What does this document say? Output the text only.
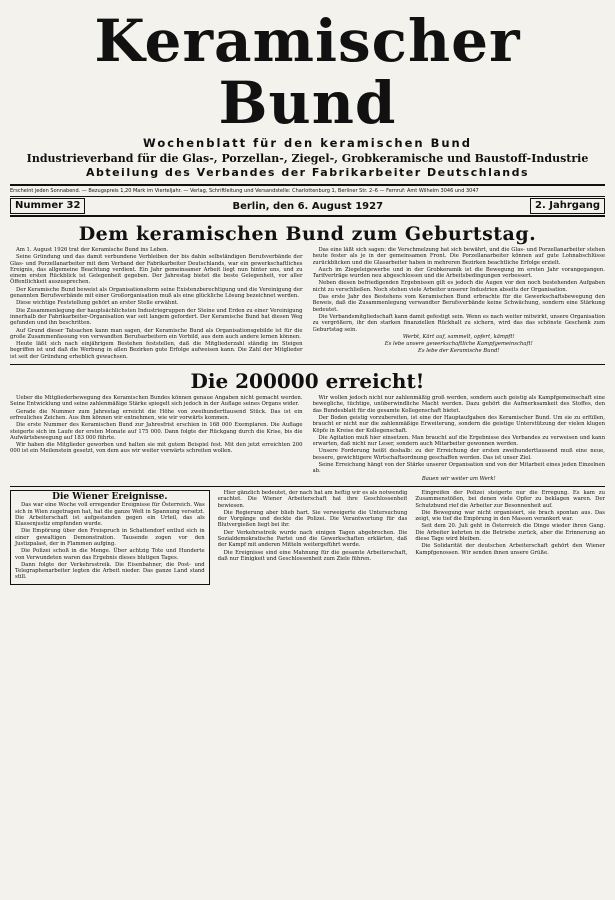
Keramischer Bund
Wochenblatt für den keramischen Bund
Industrieverband für die Glas-, Porzellan-, Ziegel-, Grobkeramische und Baustoff-Industrie
Abteilung des Verbandes der Fabrikarbeiter Deutschlands
Erscheint jeden Sonnabend. — Bezugspreis 1,20 Mark im Vierteljahr. — Verlag, Schriftleitung und Versandstelle: Charlottenburg 1, Berliner Str. 2–6 — Fernruf: Amt Wilhelm 3046 und 3047
Nummer 32	Berlin, den 6. August 1927	2. Jahrgang
Dem keramischen Bund zum Geburtstag.

Am 1. August 1926 trat der Keramische Bund ins Leben.

Seine Gründung und das damit verbundene Verbleiben der bis dahin selbständigen Berufsverbände der Glas- und Porzellanarbeiter mit dem Verband der Fabrikarbeiter Deutschlands, war ein gewerkschaftliches Ereignis, das allgemeine Beachtung verdient. Ein Jahr gemeinsamer Arbeit liegt nun hinter uns, und zu einem ersten Rückblick ist Gelegenheit gegeben. Der Jahrestag bietet die beste Gelegenheit, vor aller Öffentlichkeit auszusprechen.

Der Keramische Bund beweist als Organisationsform seine Existenzberechtigung und die Vereinigung der genannten Berufsverbände mit einer Großorganisation muß als eine glückliche Lösung bezeichnet werden.

Diese wichtige Feststellung gehört an erster Stelle erwähnt.

Die Zusammenlegung der hauptsächlichsten Industriegruppen der Steine und Erden zu einer Vereinigung innerhalb der Fabrikarbeiter-Organisation war seit langem gefordert. Der Keramische Bund hat diesen Weg gefunden und ihn beschritten.

Auf Grund dieser Tatsachen kann man sagen, der Keramische Bund als Organisationsgebilde ist für die große Zusammenfassung von verwandten Berufsarbeitern ein Vorbild, aus dem auch andere lernen können.

Heute läßt sich nach einjährigem Bestehen feststellen, daß die Mitgliederzahl ständig im Steigen begriffen ist und daß die Werbung in allen Bezirken gute Erfolge aufweisen kann. Die Zahl der Mitglieder ist seit der Gründung erheblich gewachsen.

Das eine läßt sich sagen: die Verschmelzung hat sich bewährt, und die Glas- und Porzellanarbeiter stehen heute fester als je in der gemeinsamen Front. Die Porzellanarbeiter können auf gute Lohnabschlüsse zurückblicken und die Glasarbeiter haben in mehreren Bezirken beachtliche Erfolge erzielt.

Auch im Ziegeleigewerbe und in der Grobkeramik ist die Bewegung im ersten Jahr vorangegangen. Tarifverträge wurden neu abgeschlossen und die Arbeitsbedingungen verbessert.

Neben diesen befriedigenden Ergebnissen gilt es jedoch die Augen vor den noch bestehenden Aufgaben nicht zu verschließen. Noch stehen viele Arbeiter unserer Industrien abseits der Organisation.

Das erste Jahr des Bestehens vom Keramischen Bund erbrachte für die Gewerkschaftsbewegung den Beweis, daß die Zusammenlegung verwandter Berufsverbände keine Schwächung, sondern eine Stärkung bedeutet.

Die Verbandsmitgliedschaft kann damit gefestigt sein. Wenn es nach weiter mitwirkt, unsere Organisation zu vergrößern, ihr den starken finanziellen Rückhalt zu sichern, wird das das schönste Geschenk zum Geburtstag sein.

Werbt, Kärt auf, sammelt, opfert, kämpft!

Es lebe unsere gewerkschaftliche Kampfgemeinschaft!

Es lebe der Keramische Bund!

Die 200000 erreicht!

Ueber die Mitgliederbewegung des Keramischen Bundes können genaue Angaben nicht gemacht werden. Seine Entwicklung und seine zahlenmäßige Stärke spiegelt sich jedoch in der Auflage seines Organs wider.

Gerade die Nummer zum Jahrestag erreicht die Höhe von zweihunderttausend Stück. Das ist ein erfreuliches Zeichen. Aus ihm können wir entnehmen, wie wir vorwärts kommen.

Die erste Nummer des Keramischen Bund zur Jahresfrist erschien in 168 000 Exemplaren. Die Auflage steigerte sich im Laufe der ersten Monate auf 175 000. Dann folgte der Rückgang durch die Krise, bis die Aufwärtsbewegung auf 183 000 führte.

Wir haben die Mitglieder geworben und halten sie mit gutem Beispiel fest. Mit den jetzt erreichten 200 000 ist ein Meilenstein gesetzt, von dem aus wir weiter vorwärts schreiten wollen.

Wir wollen jedoch nicht nur zahlenmäßig groß werden, sondern auch geistig als Kampfgemeinschaft eine bewegliche, tüchtige, unüberwindliche Macht werden. Dazu gehört die Aufmerksamkeit des Stoffes, den das Bundesblatt für die gesamte Kollegenschaft bietet.

Der Boden geistig vorzubereiten, ist eine der Hauptaufgaben des Keramischer Bund. Um sie zu erfüllen, braucht er nicht nur die zahlenmäßige Erweiterung, sondern die geistige Unterstützung der vielen klugen Köpfe in Kreise der Kollegenschaft.

Die Agitation muß hier einsetzen. Man braucht auf die Ergebnisse des Verbandes zu verweisen und kann erwarten, daß nicht nur Leser, sondern auch Mitarbeiter gewonnen werden.

Unsere Forderung heißt deshalb: zu der Erreichung der ersten zweihunderttausend muß eine neue, bessere, gewichtigere Wirtschaftsordnung geschaffen werden. Das ist unser Ziel.

Seine Erreichung hängt von der Stärke unserer Organisation und von der Mitarbeit eines jeden Einzelnen ab.

Bauen wir weiter am Werk!

Die Wiener Ereignisse.

Das war eine Woche voll erregender Ereignisse für Österreich. Was sich in Wien zugetragen hat, hat die ganze Welt in Spannung versetzt. Die Arbeiterschaft ist aufgestanden gegen ein Urteil, das als Klassenjustiz empfunden wurde.

Die Empörung über den Freispruch in Schattendorf entlud sich in einer gewaltigen Demonstration. Tausende zogen vor den Justizpalast, der in Flammen aufging.

Die Polizei schoß in die Menge. Über achtzig Tote und Hunderte von Verwundeten waren das Ergebnis dieses blutigen Tages.

Dann folgte der Verkehrsstreik. Die Eisenbahner, die Post- und Telegraphenarbeiter legten die Arbeit nieder. Das ganze Land stand still.

Hier gänzlich bedeutet, der nach hat am heftig wir es als notwendig erachtet. Die Wiener Arbeiterschaft hat ihre Geschlossenheit bewiesen.

Die Regierung aber blieb hart. Sie verweigerte die Untersuchung der Vorgänge und deckte die Polizei. Die Verantwortung für das Blutvergießen liegt bei ihr.

Der Verkehrsstreik wurde nach einigen Tagen abgebrochen. Die Sozialdemokratische Partei und die Gewerkschaften erklärten, daß der Kampf mit anderen Mitteln weitergeführt werde.

Die Ereignisse sind eine Mahnung für die gesamte Arbeiterschaft, daß nur Einigkeit und Geschlossenheit zum Ziele führen.

Eingreifen der Polizei steigerte nur die Erregung. Es kam zu Zusammenstößen, bei denen viele Opfer zu beklagen waren. Der Schutzbund rief die Arbeiter zur Besonnenheit auf.

Die Bewegung war nicht organisiert, sie brach spontan aus. Das zeigt, wie tief die Empörung in den Massen verankert war.

Seit dem 20. Juli geht in Österreich die Dinge wieder ihren Gang. Die Arbeiter kehrten in die Betriebe zurück, aber die Erinnerung an diese Tage wird bleiben.

Die Solidarität der deutschen Arbeiterschaft gehört den Wiener Kampfgenossen. Wir senden ihnen unsere Grüße.
